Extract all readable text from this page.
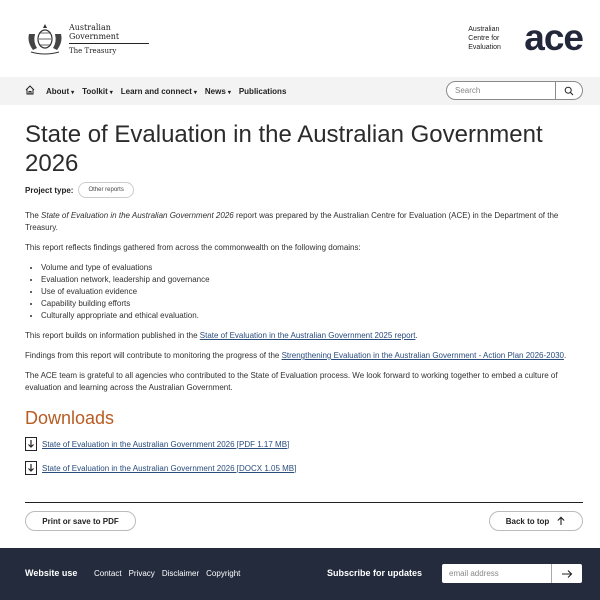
Australian Government
The Treasury
Australian Centre for Evaluation ace
About ▾ Toolkit ▾ Learn and connect ▾ News ▾ Publications	Search
State of Evaluation in the Australian Government 2026
Project type:	Other reports

The State of Evaluation in the Australian Government 2026 report was prepared by the Australian Centre for Evaluation (ACE) in the Department of the Treasury.

This report reflects findings gathered from across the commonwealth on the following domains:

• Volume and type of evaluations
• Evaluation network, leadership and governance
• Use of evaluation evidence
• Capability building efforts
• Culturally appropriate and ethical evaluation.

This report builds on information published in the State of Evaluation in the Australian Government 2025 report.

Findings from this report will contribute to monitoring the progress of the Strengthening Evaluation in the Australian Government - Action Plan 2026-2030.

The ACE team is grateful to all agencies who contributed to the State of Evaluation process. We look forward to working together to embed a culture of evaluation and learning across the Australian Government.

Downloads
State of Evaluation in the Australian Government 2026 [PDF 1.17 MB]
State of Evaluation in the Australian Government 2026 [DOCX 1.05 MB]
Print or save to PDF	Back to top
Website use Contact Privacy Disclaimer Copyright	Subscribe for updates	email address
